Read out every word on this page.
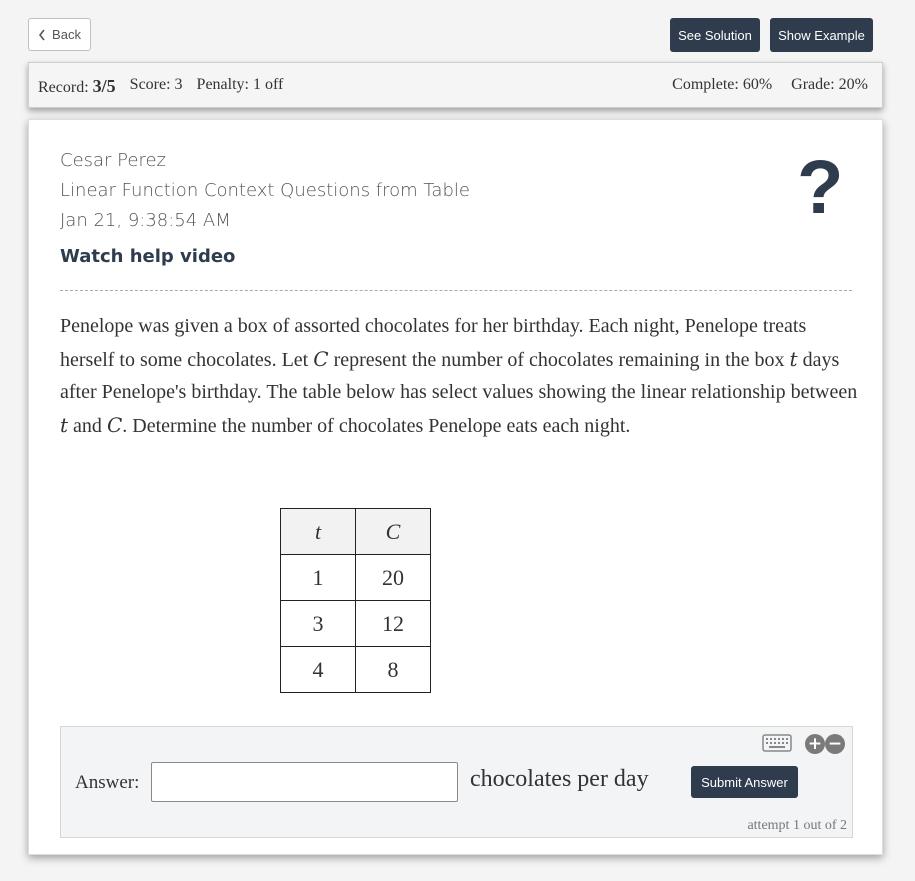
Back	See Solution	Show Example
Record: 3/5 Score: 3 Penalty: 1 off	Complete: 60% Grade: 20%
Cesar Perez
Linear Function Context Questions from Table
Jan 21, 9:38:54 AM
Watch help video
?
Penelope was given a box of assorted chocolates for her birthday. Each night, Penelope treats herself to some chocolates. Let C represent the number of chocolates remaining in the box t days after Penelope's birthday. The table below has select values showing the linear relationship between t and C. Determine the number of chocolates Penelope eats each night.
t	C
1	20
3	12
4	8
+ −
Answer:	chocolates per day	Submit Answer
attempt 1 out of 2
